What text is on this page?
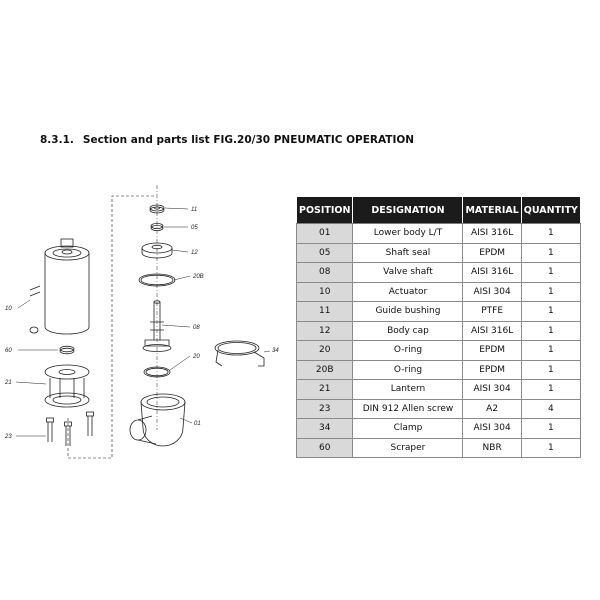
8.3.1. Section and parts list FIG.20/30 PNEUMATIC OPERATION
11
05
12
20B
08
20
34
01
10
60
21
23
POSITION	DESIGNATION	MATERIAL	QUANTITY
01	Lower body L/T	AISI 316L	1
05	Shaft seal	EPDM	1
08	Valve shaft	AISI 316L	1
10	Actuator	AISI 304	1
11	Guide bushing	PTFE	1
12	Body cap	AISI 316L	1
20	O-ring	EPDM	1
20B	O-ring	EPDM	1
21	Lantern	AISI 304	1
23	DIN 912 Allen screw	A2	4
34	Clamp	AISI 304	1
60	Scraper	NBR	1
